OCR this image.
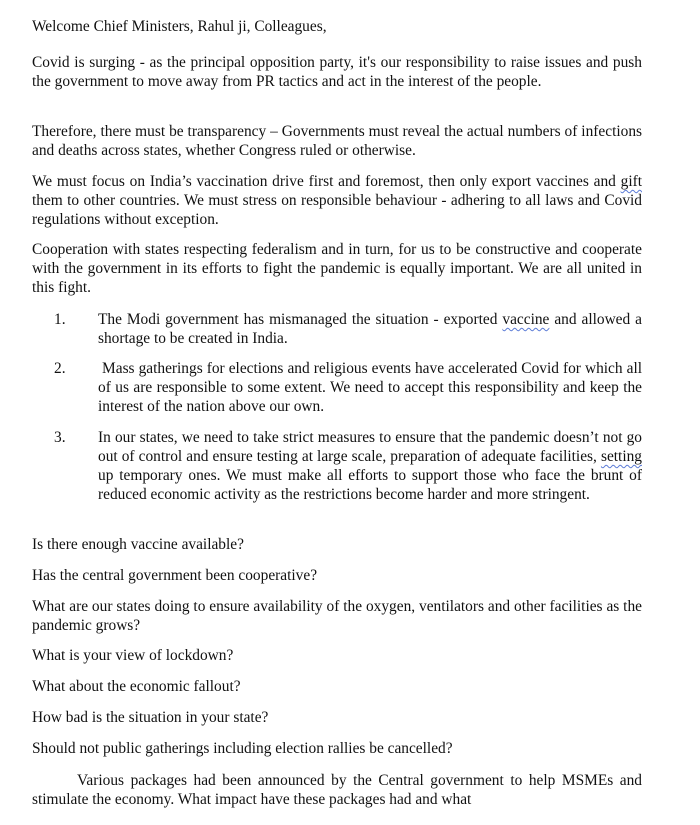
Welcome Chief Ministers, Rahul ji, Colleagues,

Covid is surging - as the principal opposition party, it's our responsibility to raise issues and push the government to move away from PR tactics and act in the interest of the people.

Therefore, there must be transparency – Governments must reveal the actual numbers of infections and deaths across states, whether Congress ruled or otherwise.

We must focus on India’s vaccination drive first and foremost, then only export vaccines and gift them to other countries. We must stress on responsible behaviour - adhering to all laws and Covid regulations without exception.

Cooperation with states respecting federalism and in turn, for us to be constructive and cooperate with the government in its efforts to fight the pandemic is equally important. We are all united in this fight.

1.	The Modi government has mismanaged the situation - exported vaccine and allowed a shortage to be created in India.
2.	Mass gatherings for elections and religious events have accelerated Covid for which all of us are responsible to some extent. We need to accept this responsibility and keep the interest of the nation above our own.
3.	In our states, we need to take strict measures to ensure that the pandemic doesn’t not go out of control and ensure testing at large scale, preparation of adequate facilities, setting up temporary ones. We must make all efforts to support those who face the brunt of reduced economic activity as the restrictions become harder and more stringent.

Is there enough vaccine available?

Has the central government been cooperative?

What are our states doing to ensure availability of the oxygen, ventilators and other facilities as the pandemic grows?

What is your view of lockdown?

What about the economic fallout?

How bad is the situation in your state?

Should not public gatherings including election rallies be cancelled?

Various packages had been announced by the Central government to help MSMEs and stimulate the economy. What impact have these packages had and what
